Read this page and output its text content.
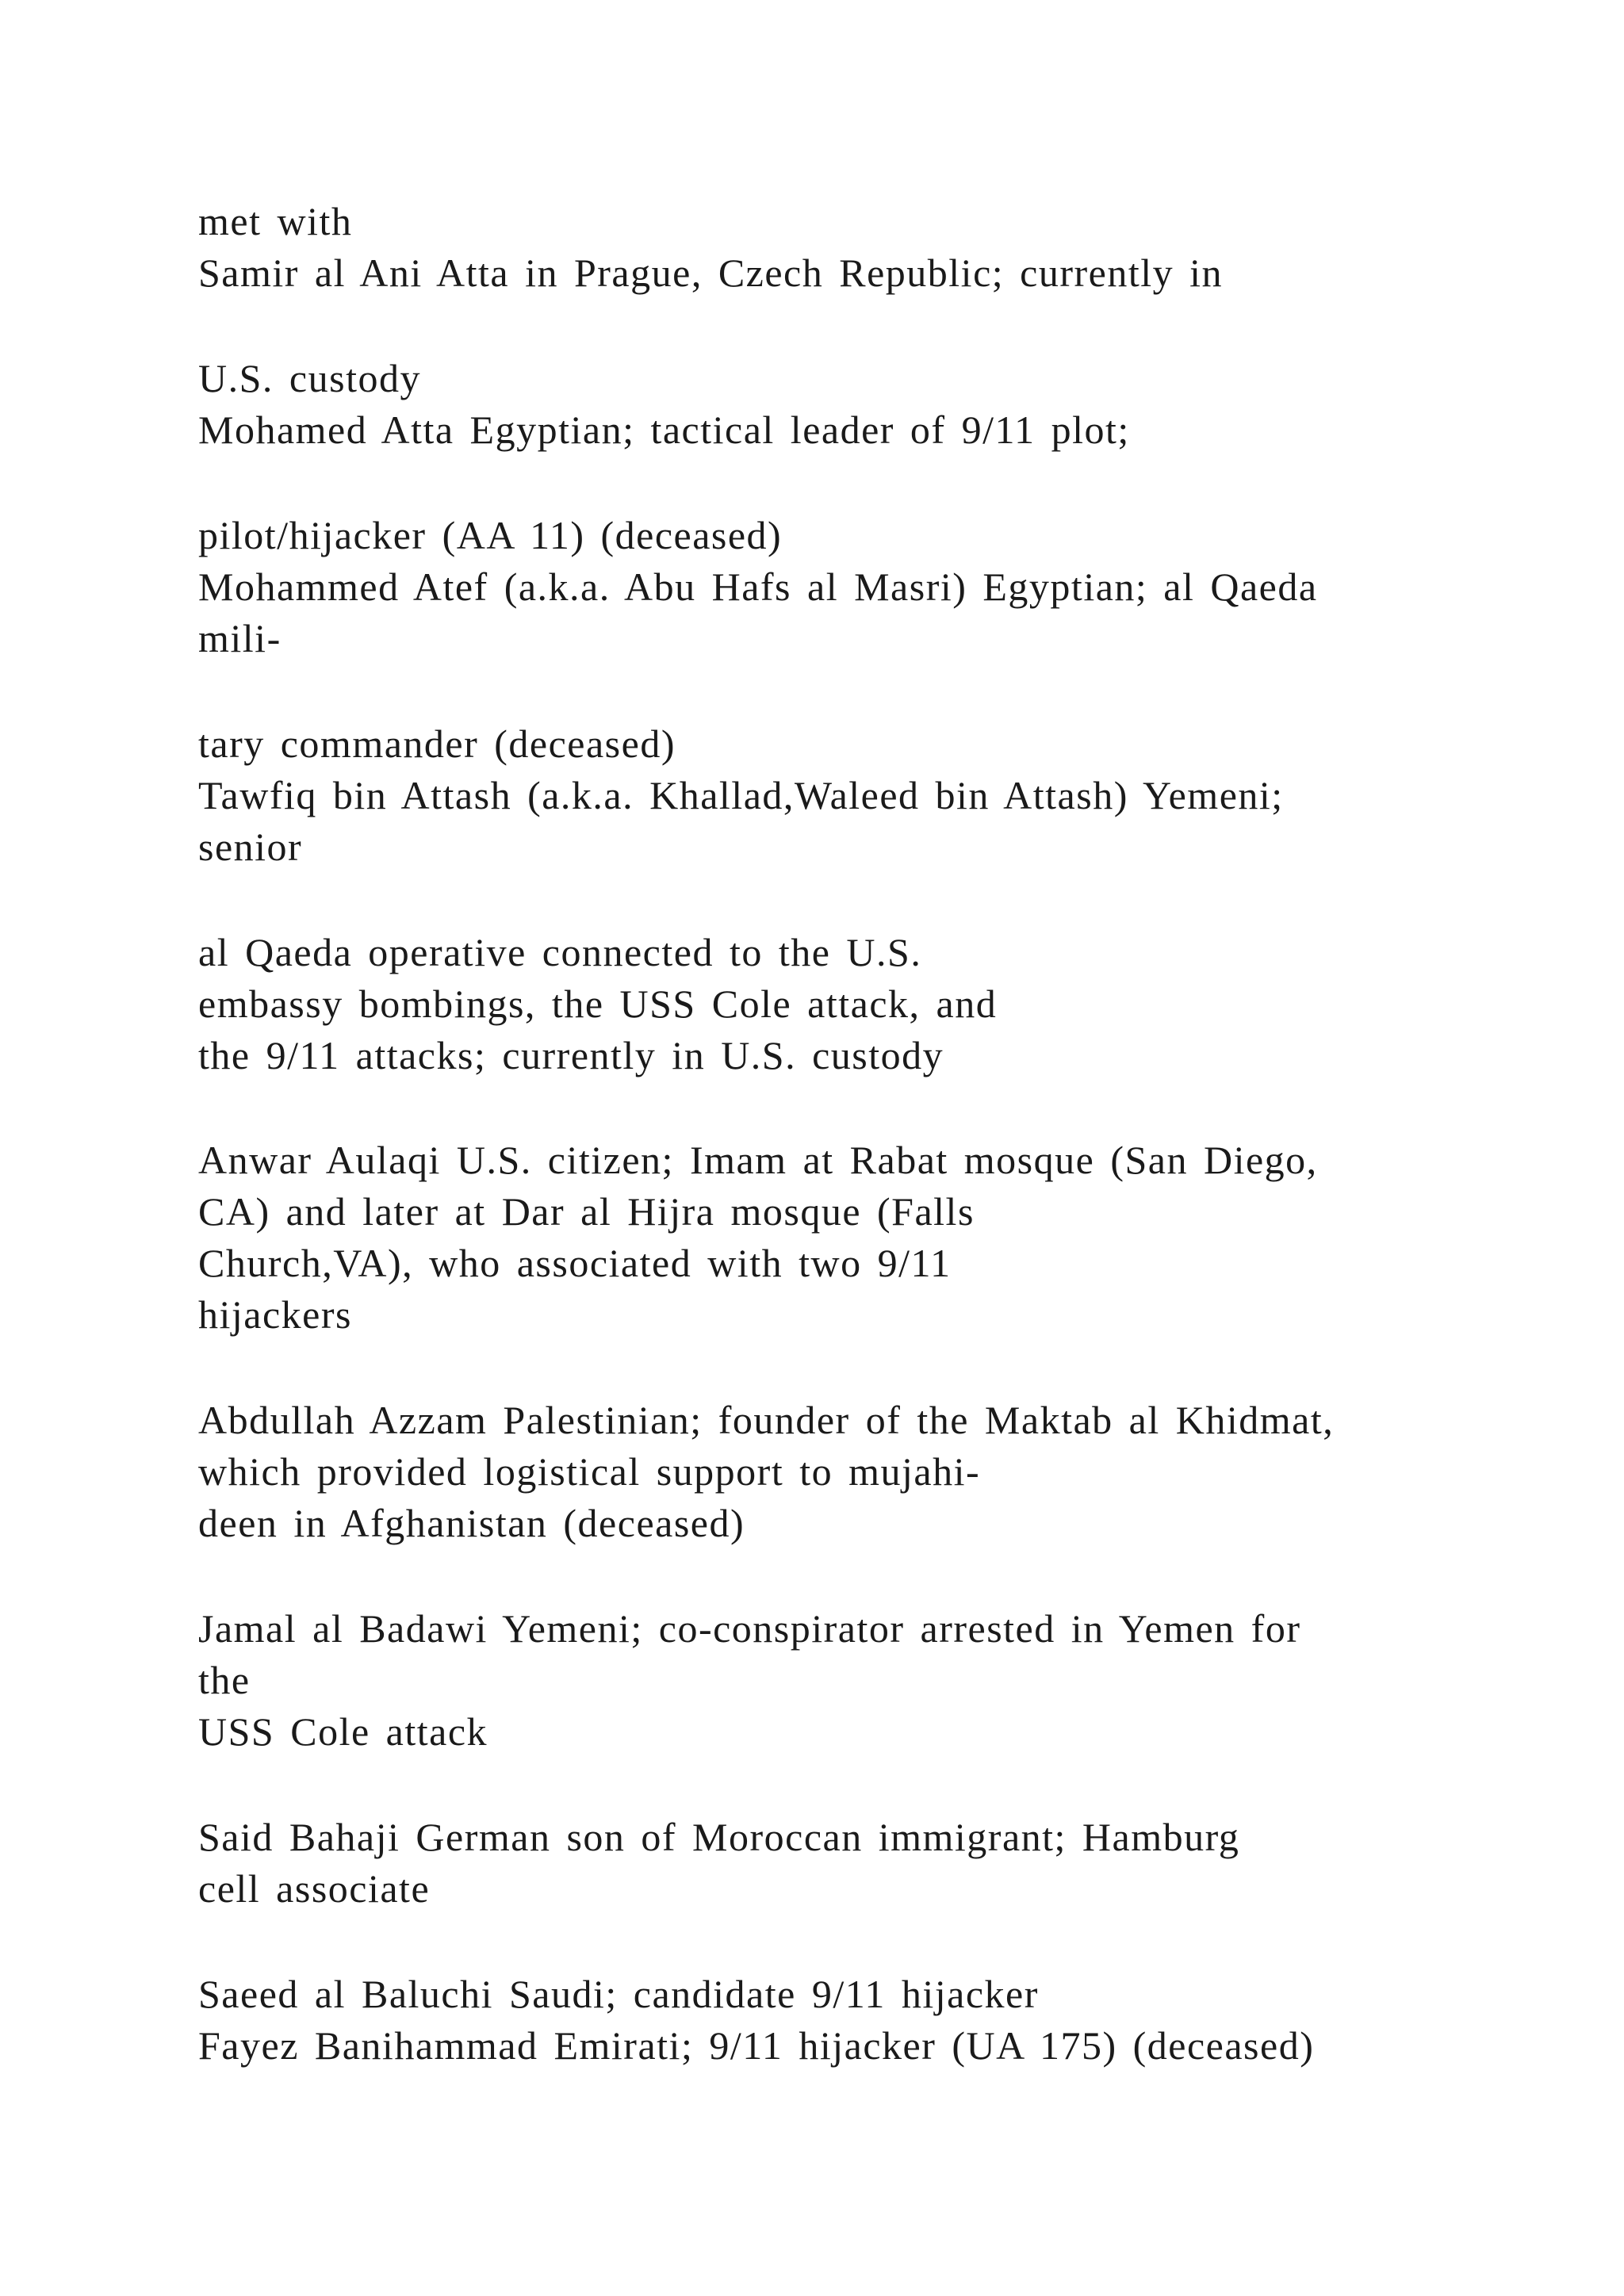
met with
Samir al Ani Atta in Prague, Czech Republic; currently in
U.S. custody
Mohamed Atta Egyptian; tactical leader of 9/11 plot;
pilot/hijacker (AA 11) (deceased)
Mohammed Atef (a.k.a. Abu Hafs al Masri) Egyptian; al Qaeda
mili-
tary commander (deceased)
Tawfiq bin Attash (a.k.a. Khallad,Waleed bin Attash) Yemeni;
senior
al Qaeda operative connected to the U.S.
embassy bombings, the USS Cole attack, and
the 9/11 attacks; currently in U.S. custody
Anwar Aulaqi U.S. citizen; Imam at Rabat mosque (San Diego,
CA) and later at Dar al Hijra mosque (Falls
Church,VA), who associated with two 9/11
hijackers
Abdullah Azzam Palestinian; founder of the Maktab al Khidmat,
which provided logistical support to mujahi-
deen in Afghanistan (deceased)
Jamal al Badawi Yemeni; co-conspirator arrested in Yemen for
the
USS Cole attack
Said Bahaji German son of Moroccan immigrant; Hamburg
cell associate
Saeed al Baluchi Saudi; candidate 9/11 hijacker
Fayez Banihammad Emirati; 9/11 hijacker (UA 175) (deceased)
